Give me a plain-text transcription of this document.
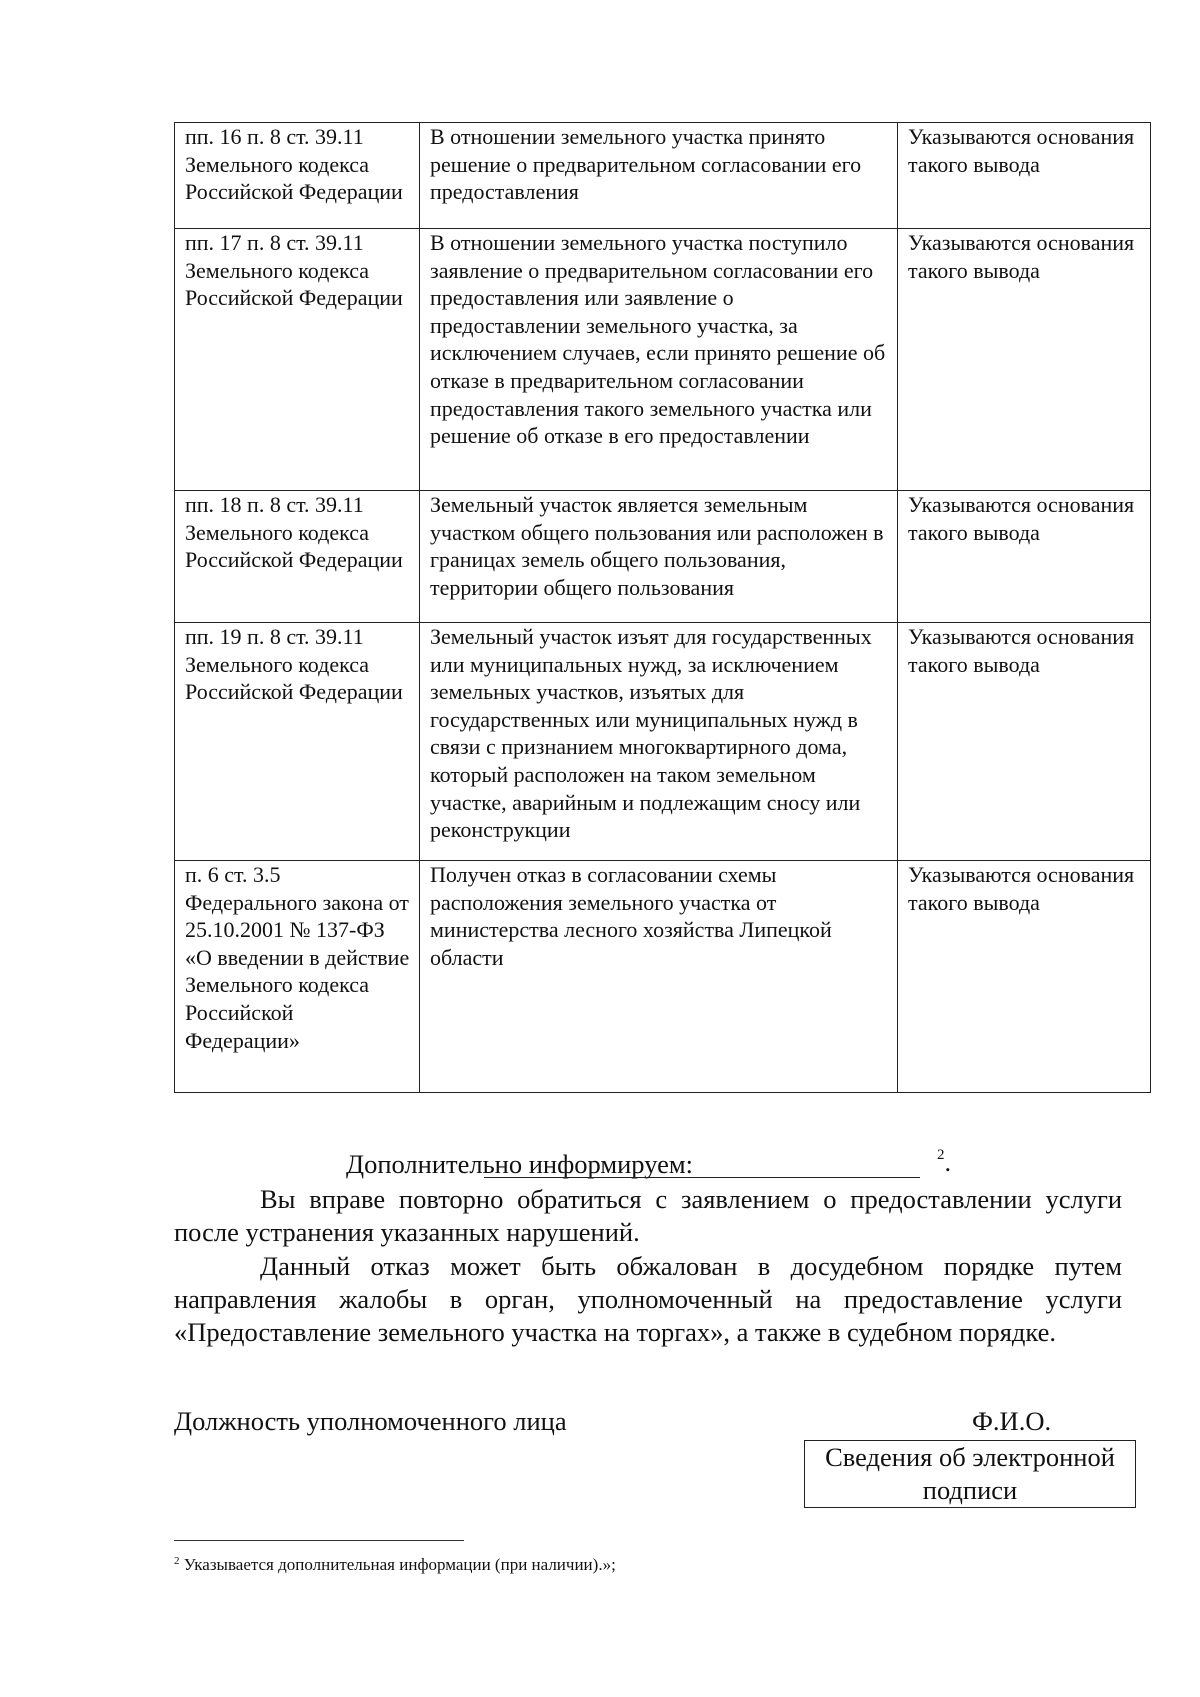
пп. 16 п. 8 ст. 39.11 Земельного кодекса Российской Федерации	В отношении земельного участка принято решение о предварительном согласовании его предоставления	Указываются основания такого вывода
пп. 17 п. 8 ст. 39.11 Земельного кодекса Российской Федерации	В отношении земельного участка поступило заявление о предварительном согласовании его предоставления или заявление о предоставлении земельного участка, за исключением случаев, если принято решение об отказе в предварительном согласовании предоставления такого земельного участка или решение об отказе в его предоставлении	Указываются основания такого вывода
пп. 18 п. 8 ст. 39.11 Земельного кодекса Российской Федерации	Земельный участок является земельным участком общего пользования или расположен в границах земель общего пользования, территории общего пользования	Указываются основания такого вывода
пп. 19 п. 8 ст. 39.11 Земельного кодекса Российской Федерации	Земельный участок изъят для государственных или муниципальных нужд, за исключением земельных участков, изъятых для государственных или муниципальных нужд в связи с признанием многоквартирного дома, который расположен на таком земельном участке, аварийным и подлежащим сносу или реконструкции	Указываются основания такого вывода
п. 6 ст. 3.5 Федерального закона от 25.10.2001 № 137-ФЗ «О введении в действие Земельного кодекса Российской Федерации»	Получен отказ в согласовании схемы расположения земельного участка от министерства лесного хозяйства Липецкой области	Указываются основания такого вывода
Дополнительно информируем:	$^2$.
Вы вправе повторно обратиться с заявлением о предоставлении услуги после устранения указанных нарушений.
Данный отказ может быть обжалован в досудебном порядке путем направления жалобы в орган, уполномоченный на предоставление услуги «Предоставление земельного участка на торгах», а также в судебном порядке.
Должность уполномоченного лица	Ф.И.О.
Сведения об электронной подписи
$^2$ Указывается дополнительная информации (при наличии).»;
